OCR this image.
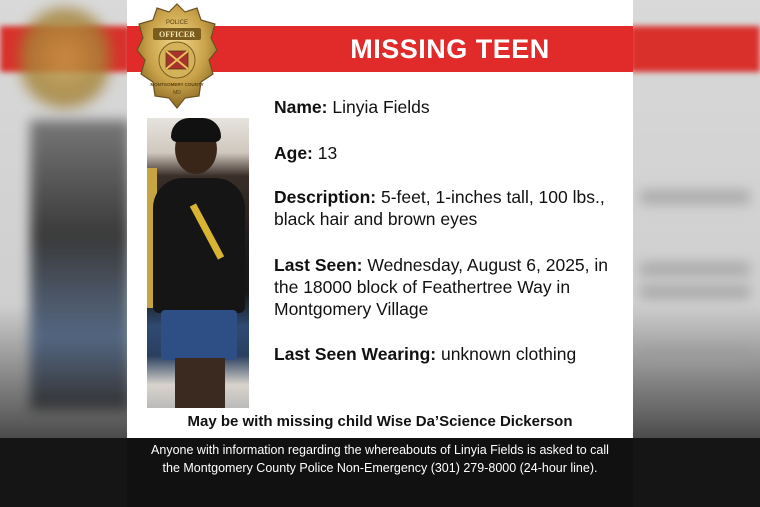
MISSING TEEN
OFFICER
POLICE
MONTGOMERY COUNTY
MD
Name: Linyia Fields
Age: 13
Description: 5-feet, 1-inches tall, 100 lbs., black hair and brown eyes
Last Seen: Wednesday, August 6, 2025, in the 18000 block of Feathertree Way in Montgomery Village
Last Seen Wearing: unknown clothing
May be with missing child Wise Da’Science Dickerson
Anyone with information regarding the whereabouts of Linyia Fields is asked to call the Montgomery County Police Non-Emergency (301) 279-8000 (24-hour line).
